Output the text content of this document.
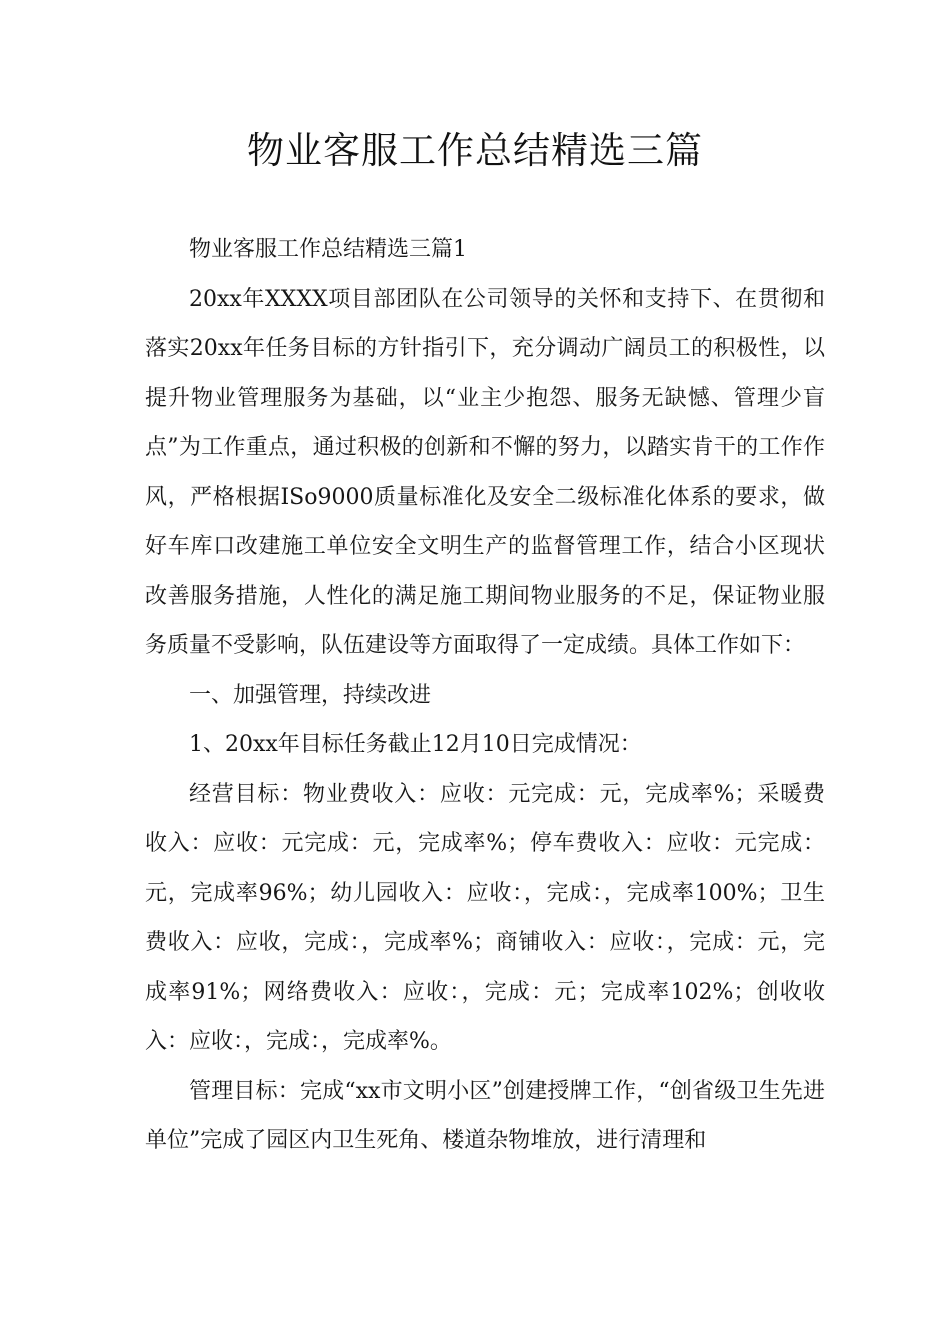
物业客服工作总结精选三篇

物业客服工作总结精选三篇1

20xx年XXXX项目部团队在公司领导的关怀和支持下、在贯彻和落实20xx年任务目标的方针指引下，充分调动广阔员工的积极性，以提升物业管理服务为基础，以“业主少抱怨、服务无缺憾、管理少盲点”为工作重点，通过积极的创新和不懈的努力，以踏实肯干的工作作风，严格根据ISo9000质量标准化及安全二级标准化体系的要求，做好车库口改建施工单位安全文明生产的监督管理工作，结合小区现状改善服务措施，人性化的满足施工期间物业服务的不足，保证物业服务质量不受影响，队伍建设等方面取得了一定成绩。具体工作如下：

一、加强管理，持续改进

1、20xx年目标任务截止12月10日完成情况：

经营目标：物业费收入：应收：元完成：元，完成率%；采暖费收入：应收：元完成：元，完成率%；停车费收入：应收：元完成：元，完成率96%；幼儿园收入：应收：，完成：，完成率100%；卫生费收入：应收，完成：，完成率%；商铺收入：应收：，完成：元，完成率91%；网络费收入：应收：，完成：元；完成率102%；创收收入：应收：，完成：，完成率%。

管理目标：完成“xx市文明小区”创建授牌工作，“创省级卫生先进单位”完成了园区内卫生死角、楼道杂物堆放，进行清理和
